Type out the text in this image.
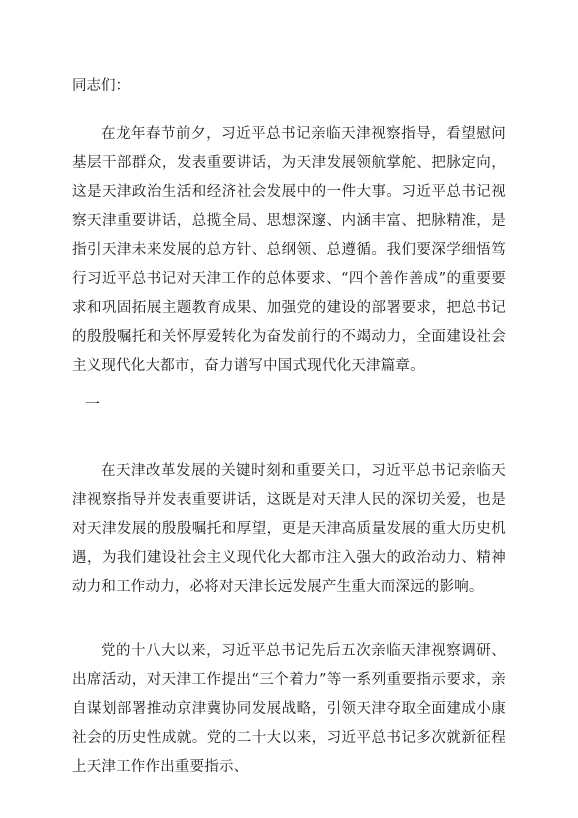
同志们：

在龙年春节前夕，习近平总书记亲临天津视察指导，看望慰问基层干部群众，发表重要讲话，为天津发展领航掌舵、把脉定向，这是天津政治生活和经济社会发展中的一件大事。习近平总书记视察天津重要讲话，总揽全局、思想深邃、内涵丰富、把脉精准，是指引天津未来发展的总方针、总纲领、总遵循。我们要深学细悟笃行习近平总书记对天津工作的总体要求、“四个善作善成”的重要要求和巩固拓展主题教育成果、加强党的建设的部署要求，把总书记的殷殷嘱托和关怀厚爱转化为奋发前行的不竭动力，全面建设社会主义现代化大都市，奋力谱写中国式现代化天津篇章。

一

在天津改革发展的关键时刻和重要关口，习近平总书记亲临天津视察指导并发表重要讲话，这既是对天津人民的深切关爱，也是对天津发展的殷殷嘱托和厚望，更是天津高质量发展的重大历史机遇，为我们建设社会主义现代化大都市注入强大的政治动力、精神动力和工作动力，必将对天津长远发展产生重大而深远的影响。

党的十八大以来，习近平总书记先后五次亲临天津视察调研、出席活动，对天津工作提出“三个着力”等一系列重要指示要求，亲自谋划部署推动京津冀协同发展战略，引领天津夺取全面建成小康社会的历史性成就。党的二十大以来，习近平总书记多次就新征程上天津工作作出重要指示、
